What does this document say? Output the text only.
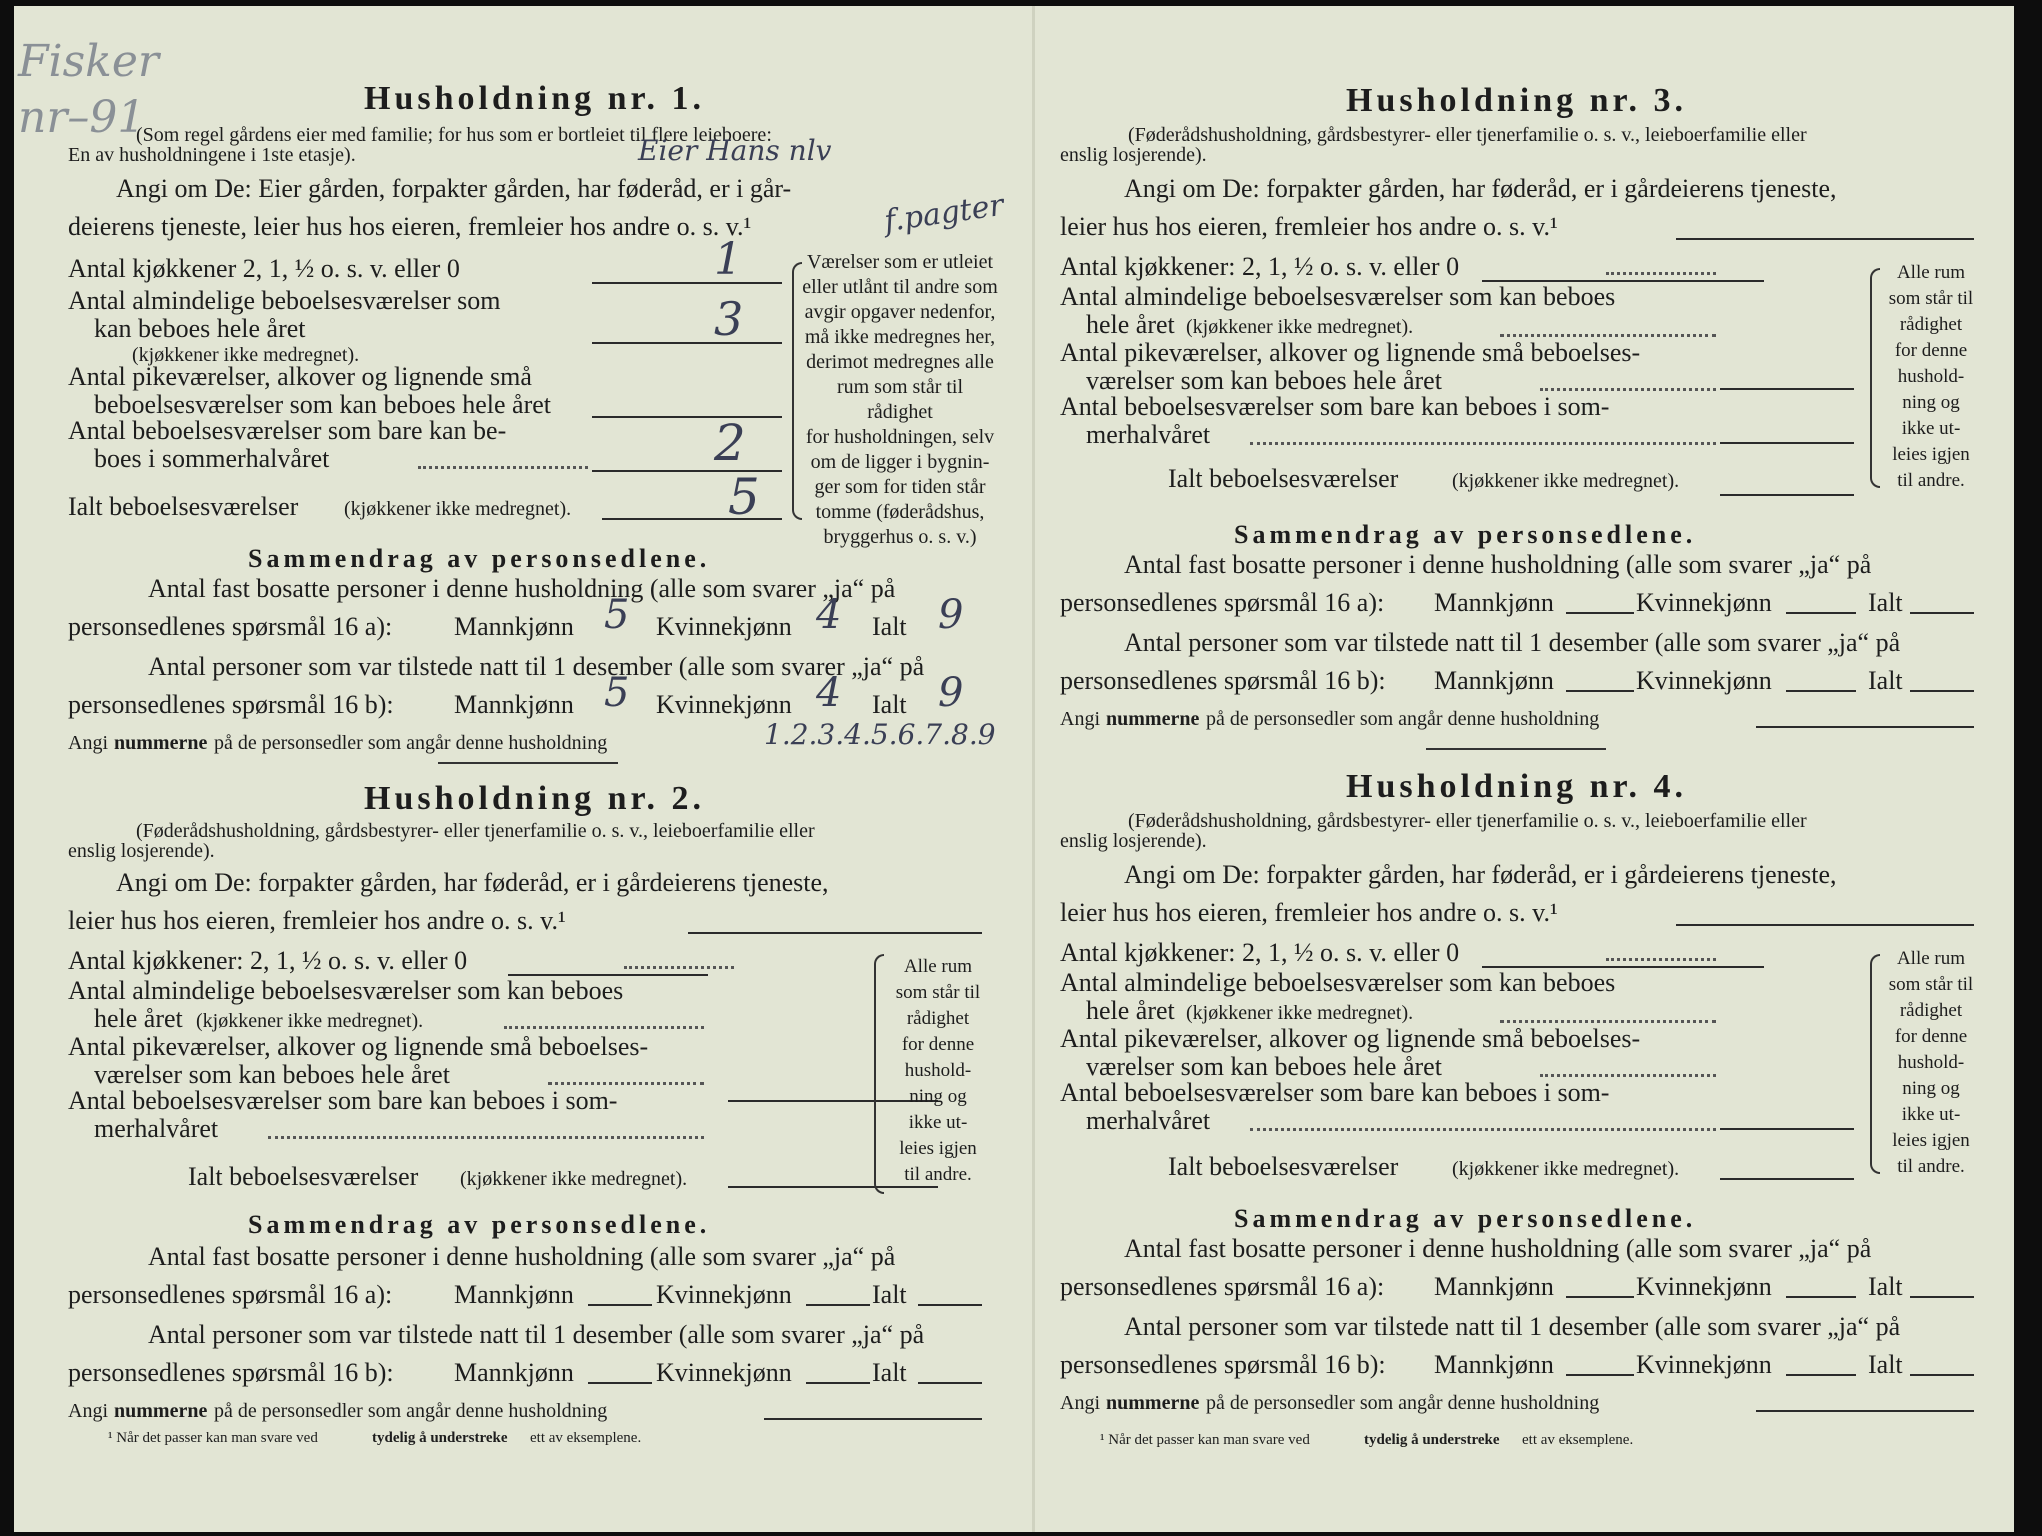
Fisker
nr–91	Husholdning nr. 1.
(Som regel gårdens eier med familie; for hus som er bortleiet til flere leieboere:
En av husholdningene i 1ste etasje).	Eier Hans nlv
Angi om De: Eier gården, forpakter gården, har føderåd, er i går-
deierens tjeneste, leier hus hos eieren, fremleier hos andre o. s. v.¹	f.pagter
Antal kjøkkener 2, 1, ½ o. s. v. eller 0	1
Antal almindelige beboelsesværelser som
kan beboes hele året
(kjøkkener ikke medregnet).
3
Antal pikeværelser, alkover og lignende små
beboelsesværelser som kan beboes hele året
Antal beboelsesværelser som bare kan be-
boes i sommerhalvåret	2
Ialt beboelsesværelser (kjøkkener ikke medregnet).	5
Værelser som er utleiet
eller utlånt til andre som
avgir opgaver nedenfor,
må ikke medregnes her,
derimot medregnes alle
rum som står til rådighet
for husholdningen, selv
om de ligger i bygnin-
ger som for tiden står
tomme (føderådshus,
bryggerhus o. s. v.)
Sammendrag av personsedlene.
Antal fast bosatte personer i denne husholdning (alle som svarer „ja“ på
personsedlenes spørsmål 16 a): Mannkjønn 5 Kvinnekjønn 4 Ialt 9
Antal personer som var tilstede natt til 1 desember (alle som svarer „ja“ på
personsedlenes spørsmål 16 b): Mannkjønn 5 Kvinnekjønn 4 Ialt 9
Angi nummerne på de personsedler som angår denne husholdning	1.2.3.4.5.6.7.8.9
Husholdning nr. 2.
(Føderådshusholdning, gårdsbestyrer- eller tjenerfamilie o. s. v., leieboerfamilie eller
enslig losjerende).
Angi om De: forpakter gården, har føderåd, er i gårdeierens tjeneste,
leier hus hos eieren, fremleier hos andre o. s. v.¹
Antal kjøkkener: 2, 1, ½ o. s. v. eller 0
Antal almindelige beboelsesværelser som kan beboes
hele året (kjøkkener ikke medregnet).
Antal pikeværelser, alkover og lignende små beboelses-
værelser som kan beboes hele året
Antal beboelsesværelser som bare kan beboes i som-
merhalvåret
Ialt beboelsesværelser (kjøkkener ikke medregnet).
Alle rum
som står til
rådighet
for denne
hushold-
ning og
ikke ut-
leies igjen
til andre.
Sammendrag av personsedlene.
Antal fast bosatte personer i denne husholdning (alle som svarer „ja“ på
personsedlenes spørsmål 16 a): Mannkjønn	Kvinnekjønn	Ialt
Antal personer som var tilstede natt til 1 desember (alle som svarer „ja“ på
personsedlenes spørsmål 16 b): Mannkjønn	Kvinnekjønn	Ialt
Angi nummerne på de personsedler som angår denne husholdning
¹ Når det passer kan man svare ved	tydelig å understreke ett av eksemplene.
Husholdning nr. 3.
(Føderådshusholdning, gårdsbestyrer- eller tjenerfamilie o. s. v., leieboerfamilie eller
enslig losjerende).
Angi om De: forpakter gården, har føderåd, er i gårdeierens tjeneste,
leier hus hos eieren, fremleier hos andre o. s. v.¹
Antal kjøkkener: 2, 1, ½ o. s. v. eller 0
Antal almindelige beboelsesværelser som kan beboes
hele året (kjøkkener ikke medregnet).
Antal pikeværelser, alkover og lignende små beboelses-
værelser som kan beboes hele året
Antal beboelsesværelser som bare kan beboes i som-
merhalvåret
Ialt beboelsesværelser	(kjøkkener ikke medregnet).
Alle rum
som står til
rådighet
for denne
hushold-
ning og
ikke ut-
leies igjen
til andre.
Sammendrag av personsedlene.
Antal fast bosatte personer i denne husholdning (alle som svarer „ja“ på
personsedlenes spørsmål 16 a): Mannkjønn	Kvinnekjønn	Ialt
Antal personer som var tilstede natt til 1 desember (alle som svarer „ja“ på
personsedlenes spørsmål 16 b): Mannkjønn	Kvinnekjønn	Ialt
Angi nummerne på de personsedler som angår denne husholdning
Husholdning nr. 4.
(Føderådshusholdning, gårdsbestyrer- eller tjenerfamilie o. s. v., leieboerfamilie eller
enslig losjerende).
Angi om De: forpakter gården, har føderåd, er i gårdeierens tjeneste,
leier hus hos eieren, fremleier hos andre o. s. v.¹
Antal kjøkkener: 2, 1, ½ o. s. v. eller 0
Antal almindelige beboelsesværelser som kan beboes
hele året (kjøkkener ikke medregnet).
Antal pikeværelser, alkover og lignende små beboelses-
værelser som kan beboes hele året
Antal beboelsesværelser som bare kan beboes i som-
merhalvåret
Ialt beboelsesværelser	(kjøkkener ikke medregnet).
Alle rum
som står til
rådighet
for denne
hushold-
ning og
ikke ut-
leies igjen
til andre.
Sammendrag av personsedlene.
Antal fast bosatte personer i denne husholdning (alle som svarer „ja“ på
personsedlenes spørsmål 16 a): Mannkjønn	Kvinnekjønn	Ialt
Antal personer som var tilstede natt til 1 desember (alle som svarer „ja“ på
personsedlenes spørsmål 16 b): Mannkjønn	Kvinnekjønn	Ialt
Angi nummerne på de personsedler som angår denne husholdning
¹ Når det passer kan man svare ved	tydelig å understreke ett av eksemplene.
